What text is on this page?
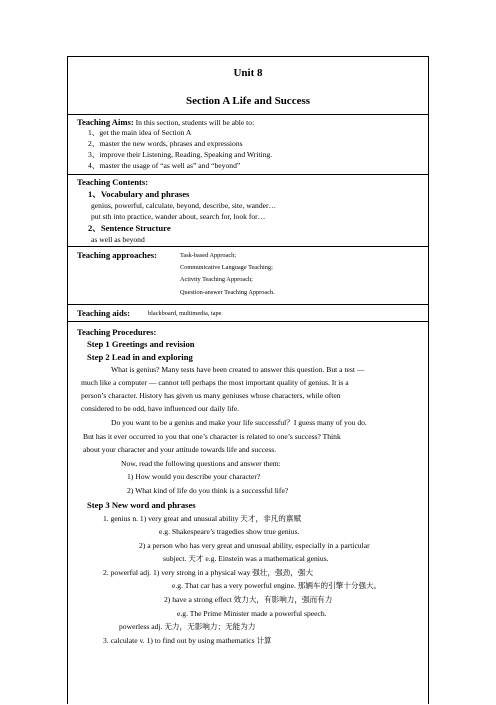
Unit 8
Section A Life and Success
Teaching Aims: In this section, students will be able to:
1、get the main idea of Section A
2、master the new words, phrases and expressions
3、improve their Listening, Reading, Speaking and Writing.
4、master the usage of “as well as” and “beyond”
Teaching Contents:
1、Vocabulary and phrases
genius, powerful, calculate, beyond, describe, site, wander…
put sth into practice, wander about, search for, look for…
2、Sentence Structure
as well as beyond
Teaching approaches:	Task-based Approach;
Communicative Language Teaching;
Activity Teaching Approach;
Question-answer Teaching Approach.
Teaching aids:	blackboard, multimedia, tape
Teaching Procedures:
Step 1 Greetings and revision
Step 2 Lead in and exploring
What is genius? Many tests have been created to answer this question. But a test —
much like a computer — cannot tell perhaps the most important quality of genius. It is a
person’s character. History has given us many geniuses whose characters, while often
considered to be odd, have influenced our daily life.
Do you want to be a genius and make your life successful？I guess many of you do.
But has it ever occurred to you that one’s character is related to one’s success? Think
about your character and your attitude towards life and success.
Now, read the following questions and answer them:
1) How would you describe your character?
2) What kind of life do you think is a successful life?
Step 3 New word and phrases
1. genius n. 1) very great and unusual ability 天才，非凡的禀赋
e.g. Shakespeare’s tragedies show true genius.
2) a person who has very great and unusual ability, especially in a particular
subject. 天才 e.g. Einstein was a mathematical genius.
2. powerful adj. 1) very strong in a physical way 强壮，强劲，强大
e.g. That car has a very powerful engine. 那辆车的引擎十分强大。
2) have a strong effect 效力大，有影响力，强而有力
e.g. The Prime Minister made a powerful speech.
powerless adj. 无力，无影响力；无能为力
3. calculate v. 1) to find out by using mathematics 计算
